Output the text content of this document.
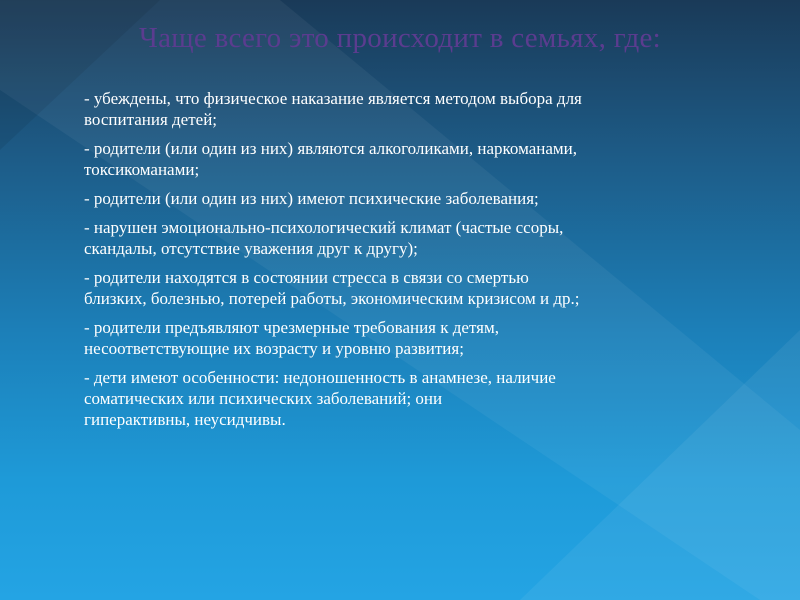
Чаще всего это происходит в семьях, где:
- убеждены, что физическое наказание является методом выбора для
воспитания детей;
- родители (или один из них) являются алкоголиками, наркоманами,
токсикоманами;
- родители (или один из них) имеют психические заболевания;
- нарушен эмоционально-психологический климат (частые ссоры,
скандалы, отсутствие уважения друг к другу);
- родители находятся в состоянии стресса в связи со смертью
близких, болезнью, потерей работы, экономическим кризисом и др.;
- родители предъявляют чрезмерные требования к детям,
несоответствующие их возрасту и уровню развития;
- дети имеют особенности: недоношенность в анамнезе, наличие
соматических или психических заболеваний; они
гиперактивны, неусидчивы.
